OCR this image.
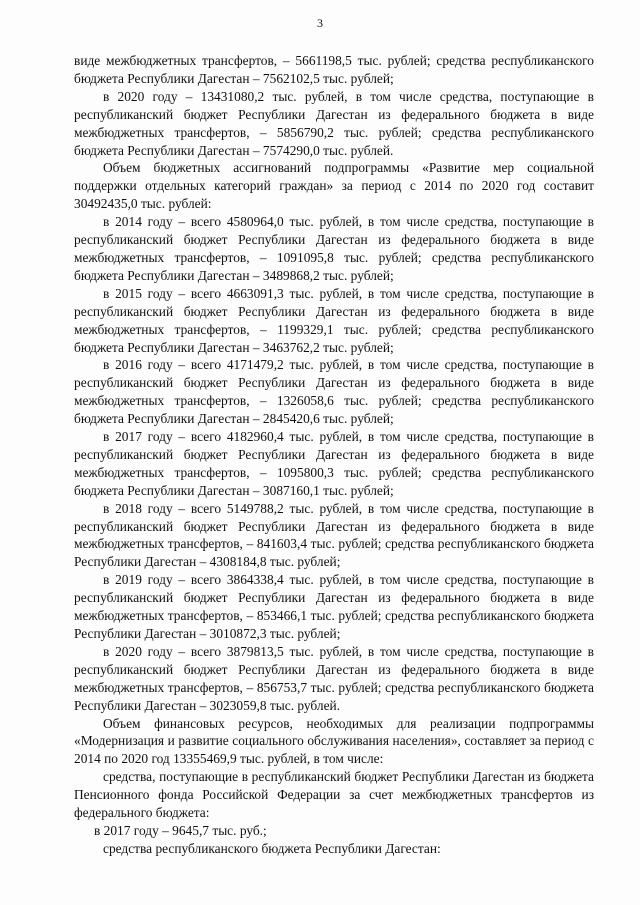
3

виде межбюджетных трансфертов, – 5661198,5 тыс. рублей; средства республиканского бюджета Республики Дагестан – 7562102,5 тыс. рублей;

в 2020 году – 13431080,2 тыс. рублей, в том числе средства, поступающие в республиканский бюджет Республики Дагестан из федерального бюджета в виде межбюджетных трансфертов, – 5856790,2 тыс. рублей; средства республиканского бюджета Республики Дагестан – 7574290,0 тыс. рублей.

Объем бюджетных ассигнований подпрограммы «Развитие мер социальной поддержки отдельных категорий граждан» за период с 2014 по 2020 год составит 30492435,0 тыс. рублей:

в 2014 году – всего 4580964,0 тыс. рублей, в том числе средства, поступающие в республиканский бюджет Республики Дагестан из федерального бюджета в виде межбюджетных трансфертов, – 1091095,8 тыс. рублей; средства республиканского бюджета Республики Дагестан – 3489868,2 тыс. рублей;

в 2015 году – всего 4663091,3 тыс. рублей, в том числе средства, поступающие в республиканский бюджет Республики Дагестан из федерального бюджета в виде межбюджетных трансфертов, – 1199329,1 тыс. рублей; средства республиканского бюджета Республики Дагестан – 3463762,2 тыс. рублей;

в 2016 году – всего 4171479,2 тыс. рублей, в том числе средства, поступающие в республиканский бюджет Республики Дагестан из федерального бюджета в виде межбюджетных трансфертов, – 1326058,6 тыс. рублей; средства республиканского бюджета Республики Дагестан – 2845420,6 тыс. рублей;

в 2017 году – всего 4182960,4 тыс. рублей, в том числе средства, поступающие в республиканский бюджет Республики Дагестан из федерального бюджета в виде межбюджетных трансфертов, – 1095800,3 тыс. рублей; средства республиканского бюджета Республики Дагестан – 3087160,1 тыс. рублей;

в 2018 году – всего 5149788,2 тыс. рублей, в том числе средства, поступающие в республиканский бюджет Республики Дагестан из федерального бюджета в виде межбюджетных трансфертов, – 841603,4 тыс. рублей; средства республиканского бюджета Республики Дагестан – 4308184,8 тыс. рублей;

в 2019 году – всего 3864338,4 тыс. рублей, в том числе средства, поступающие в республиканский бюджет Республики Дагестан из федерального бюджета в виде межбюджетных трансфертов, – 853466,1 тыс. рублей; средства республиканского бюджета Республики Дагестан – 3010872,3 тыс. рублей;

в 2020 году – всего 3879813,5 тыс. рублей, в том числе средства, поступающие в республиканский бюджет Республики Дагестан из федерального бюджета в виде межбюджетных трансфертов, – 856753,7 тыс. рублей; средства республиканского бюджета Республики Дагестан – 3023059,8 тыс. рублей.

Объем финансовых ресурсов, необходимых для реализации подпрограммы «Модернизация и развитие социального обслуживания населения», составляет за период с 2014 по 2020 год 13355469,9 тыс. рублей, в том числе:

средства, поступающие в республиканский бюджет Республики Дагестан из бюджета Пенсионного фонда Российской Федерации за счет межбюджетных трансфертов из федерального бюджета:

в 2017 году – 9645,7 тыс. руб.;

средства республиканского бюджета Республики Дагестан:
